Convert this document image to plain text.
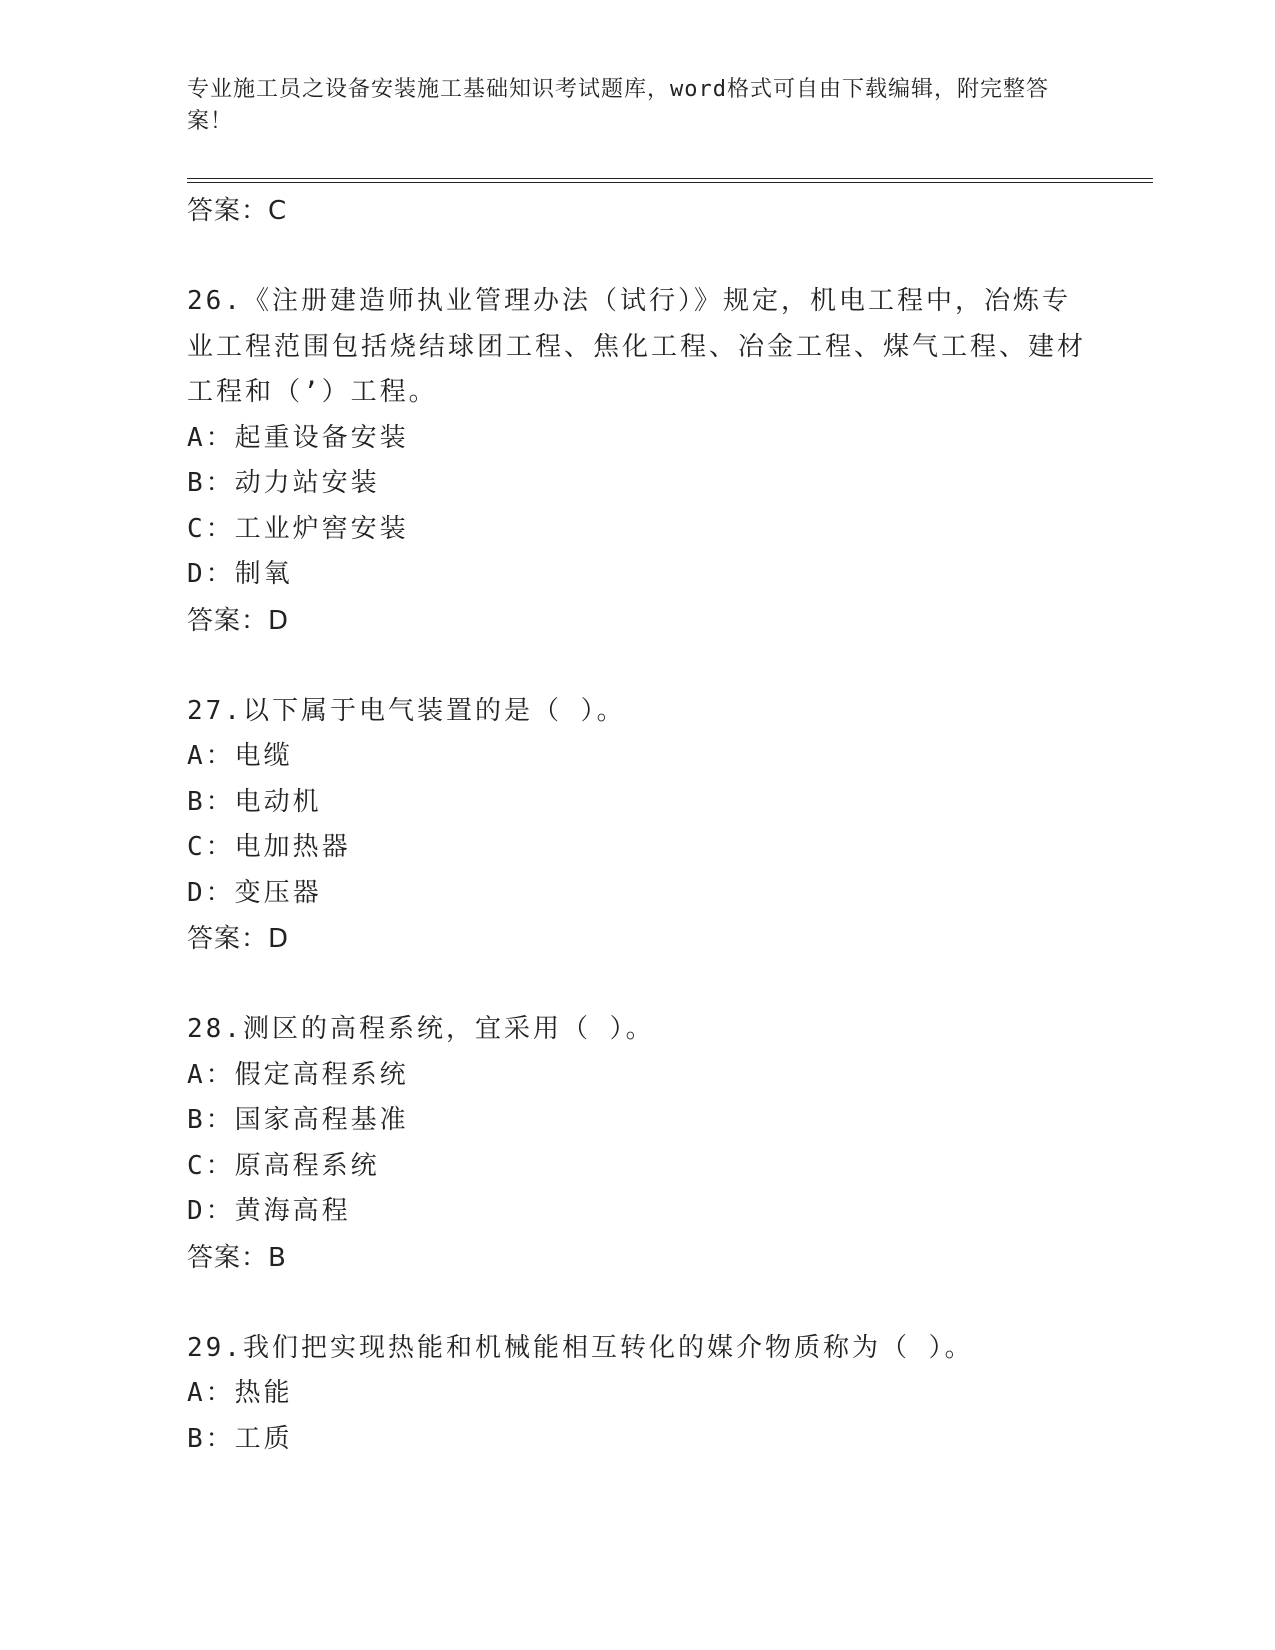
专业施工员之设备安装施工基础知识考试题库，word格式可自由下载编辑，附完整答案！
答案：C
26.《注册建造师执业管理办法（试行）》规定，机电工程中，冶炼专业工程范围包括烧结球团工程、焦化工程、冶金工程、煤气工程、建材工程和（’）工程。
A：起重设备安装
B：动力站安装
C：工业炉窖安装
D：制氧
答案：D
27.以下属于电气装置的是（ ）。
A：电缆
B：电动机
C：电加热器
D：变压器
答案：D
28.测区的高程系统，宜采用（ ）。
A：假定高程系统
B：国家高程基准
C：原高程系统
D：黄海高程
答案：B
29.我们把实现热能和机械能相互转化的媒介物质称为（ ）。
A：热能
B：工质
